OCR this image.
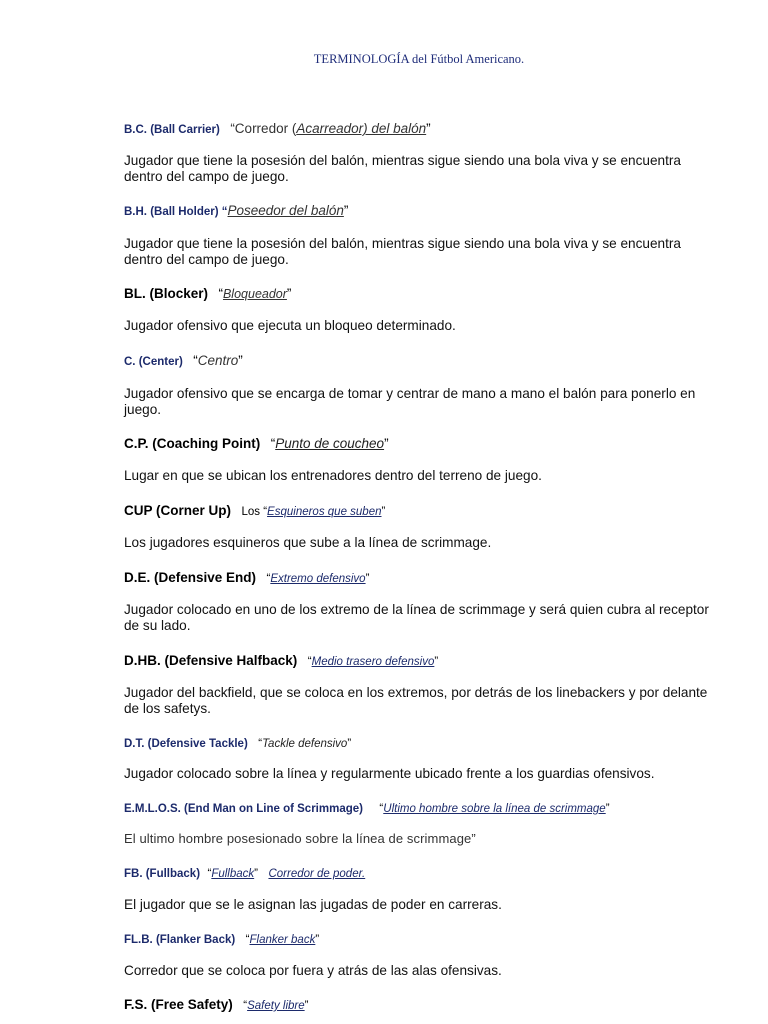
TERMINOLOGÍA del Fútbol Americano.
B.C. (Ball Carrier) “Corredor (Acarreador) del balón”
Jugador que tiene la posesión del balón, mientras sigue siendo una bola viva y se encuentra dentro del campo de juego.
B.H. (Ball Holder) “Poseedor del balón”
Jugador que tiene la posesión del balón, mientras sigue siendo una bola viva y se encuentra dentro del campo de juego.
BL. (Blocker) “Bloqueador”
Jugador ofensivo que ejecuta un bloqueo determinado.
C. (Center) “Centro”
Jugador ofensivo que se encarga de tomar y centrar de mano a mano el balón para ponerlo en juego.
C.P. (Coaching Point) “Punto de coucheo”
Lugar en que se ubican los entrenadores dentro del terreno de juego.
CUP (Corner Up) Los “Esquineros que suben”
Los jugadores esquineros que sube a la línea de scrimmage.
D.E. (Defensive End) “Extremo defensivo”
Jugador colocado en uno de los extremo de la línea de scrimmage y será quien cubra al receptor de su lado.
D.HB. (Defensive Halfback) “Medio trasero defensivo”
Jugador del backfield, que se coloca en los extremos, por detrás de los linebackers y por delante de los safetys.
D.T. (Defensive Tackle) “Tackle defensivo”
Jugador colocado sobre la línea y regularmente ubicado frente a los guardias ofensivos.
E.M.L.O.S. (End Man on Line of Scrimmage) “Ultimo hombre sobre la línea de scrimmage”
El ultimo hombre posesionado sobre la línea de scrimmage”
FB. (Fullback) “Fullback” Corredor de poder.
El jugador que se le asignan las jugadas de poder en carreras.
FL.B. (Flanker Back) “Flanker back”
Corredor que se coloca por fuera y atrás de las alas ofensivas.
F.S. (Free Safety) “Safety libre”
